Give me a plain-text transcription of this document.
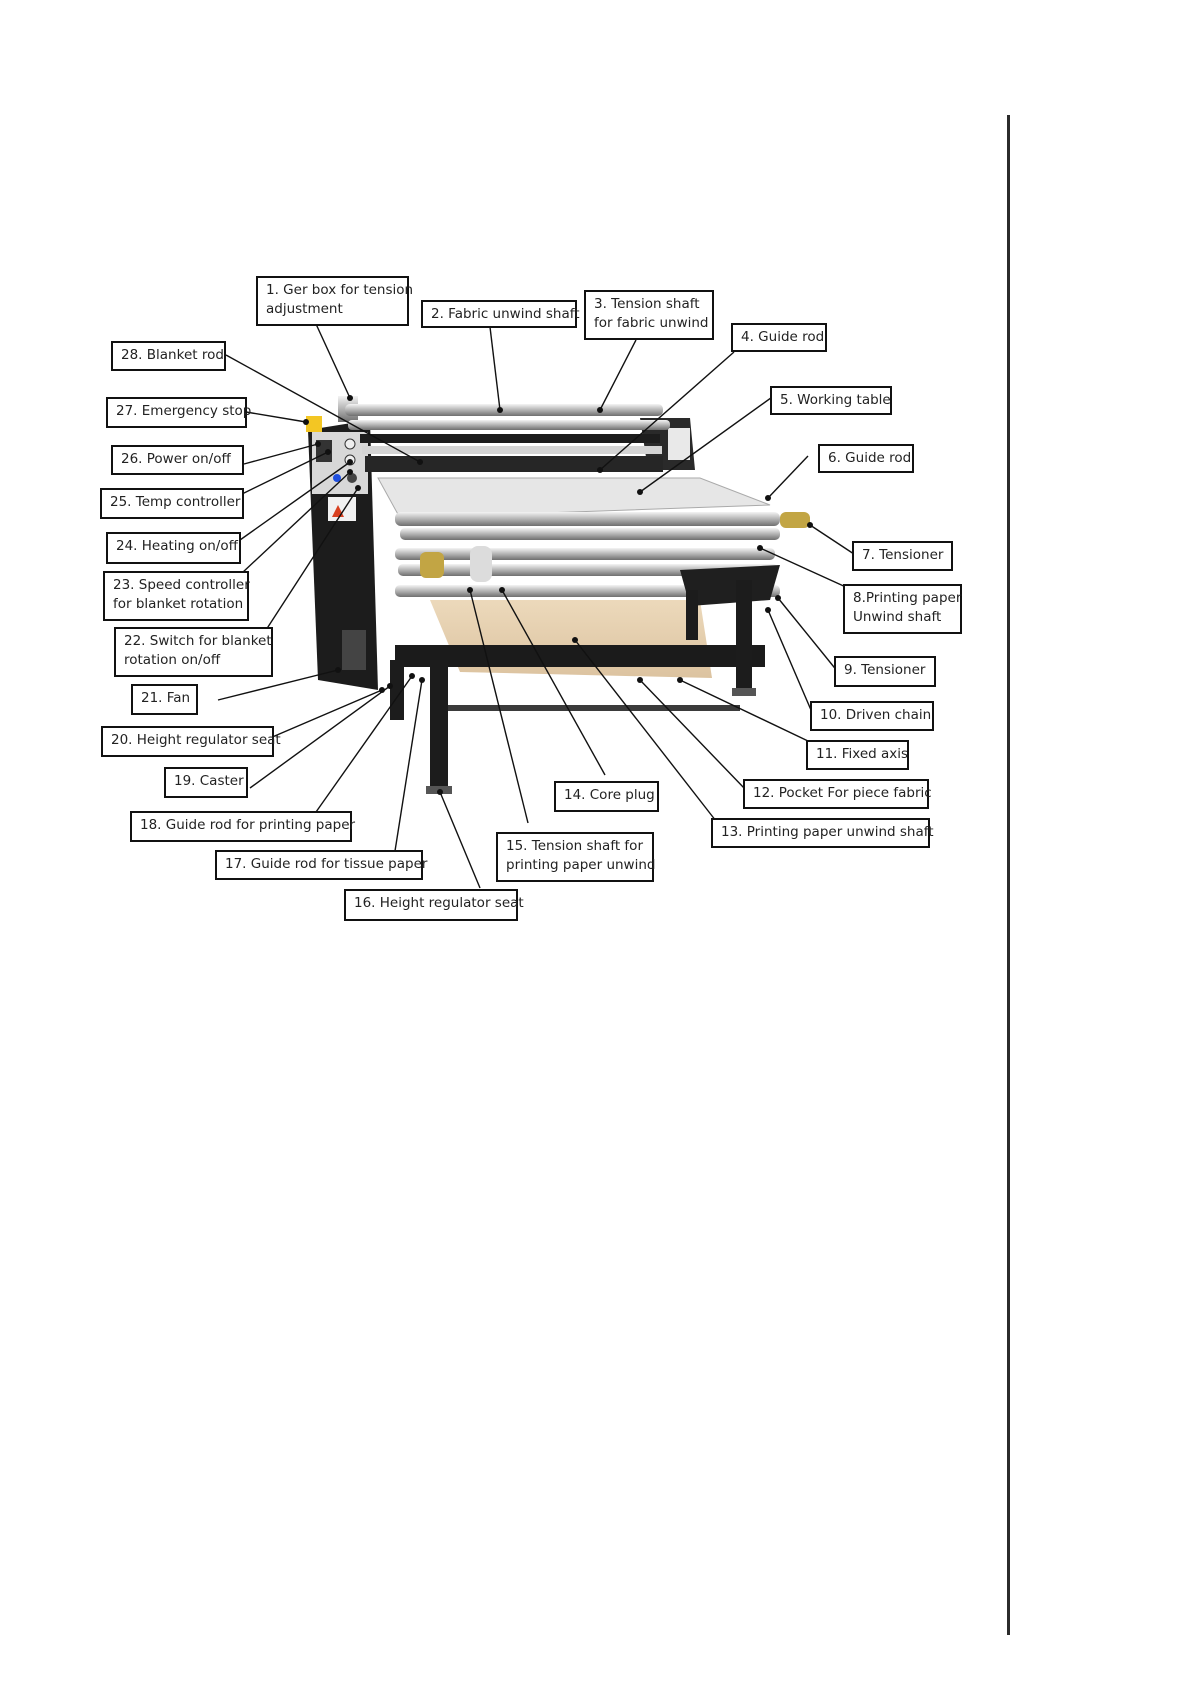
1. Ger box for tension
adjustment	2. Fabric unwind shaft
3. Tension shaft
for fabric unwind
4. Guide rod
5. Working table
6. Guide rod
7. Tensioner
8.Printing paper
Unwind shaft
9. Tensioner
10. Driven chain
11. Fixed axis
12. Pocket For piece fabric
13. Printing paper unwind shaft
14. Core plug
15. Tension shaft for
printing paper unwind
16. Height regulator seat
17. Guide rod for tissue paper
18. Guide rod for printing paper
19. Caster
20. Height regulator seat
21. Fan
22. Switch for blanket
rotation on/off
23. Speed controller
for blanket rotation
24. Heating on/off
25. Temp controller
26. Power on/off
27. Emergency stop
28. Blanket rod
